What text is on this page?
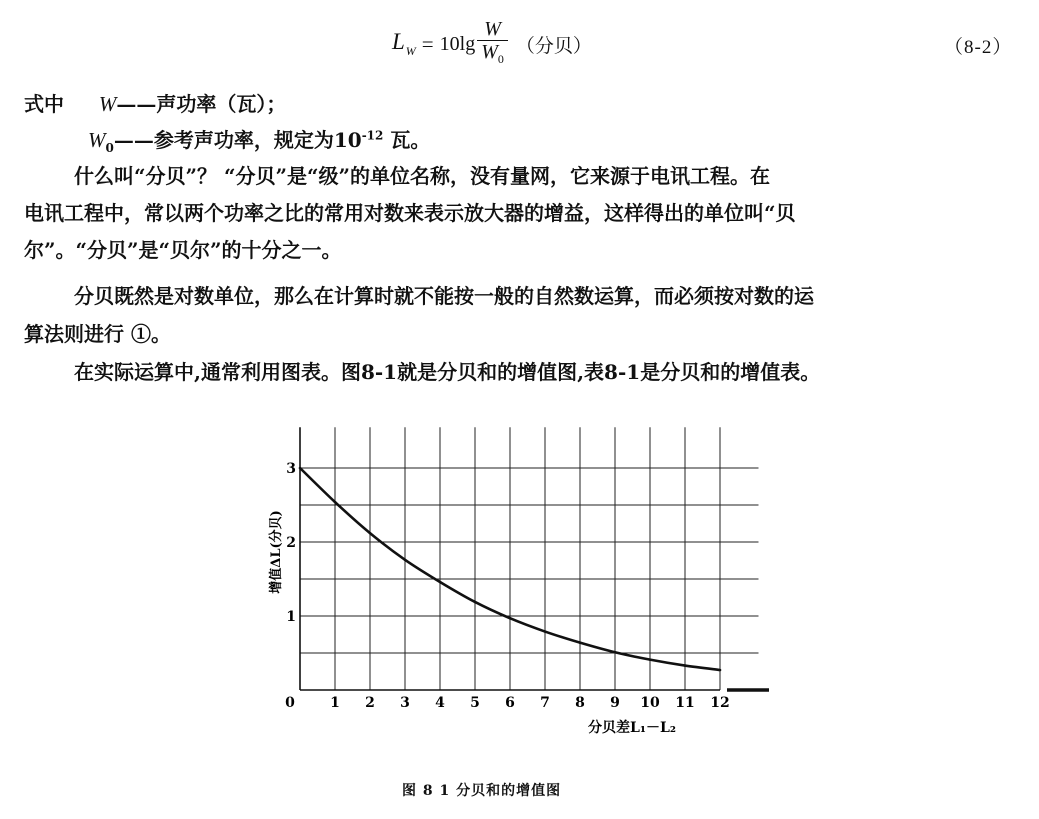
$L_W = 10\lg \frac{W}{W_0}$ （分贝）	（8-2）
式中 W——声功率（瓦）；
$W_0——$参考声功率，规定为$10^{-12}$ 瓦。
什么叫“分贝”？ “分贝”是“级”的单位名称，没有量网，它来源于电讯工程。在
电讯工程中，常以两个功率之比的常用对数来表示放大器的增益，这样得出的单位叫“贝
尔”。“分贝”是“贝尔”的十分之一。
分贝既然是对数单位，那么在计算时就不能按一般的自然数运算，而必须按对数的运
算法则进行 ①。
在实际运算中,通常利用图表。图8-1就是分贝和的增值图,表8-1是分贝和的增值表。
0	1 2 3 4 5 6 7 8 9 10 11 12
1
2
3
分贝差L₁－L₂
增值ΔL(分贝)
图 8 1 分贝和的增值图
